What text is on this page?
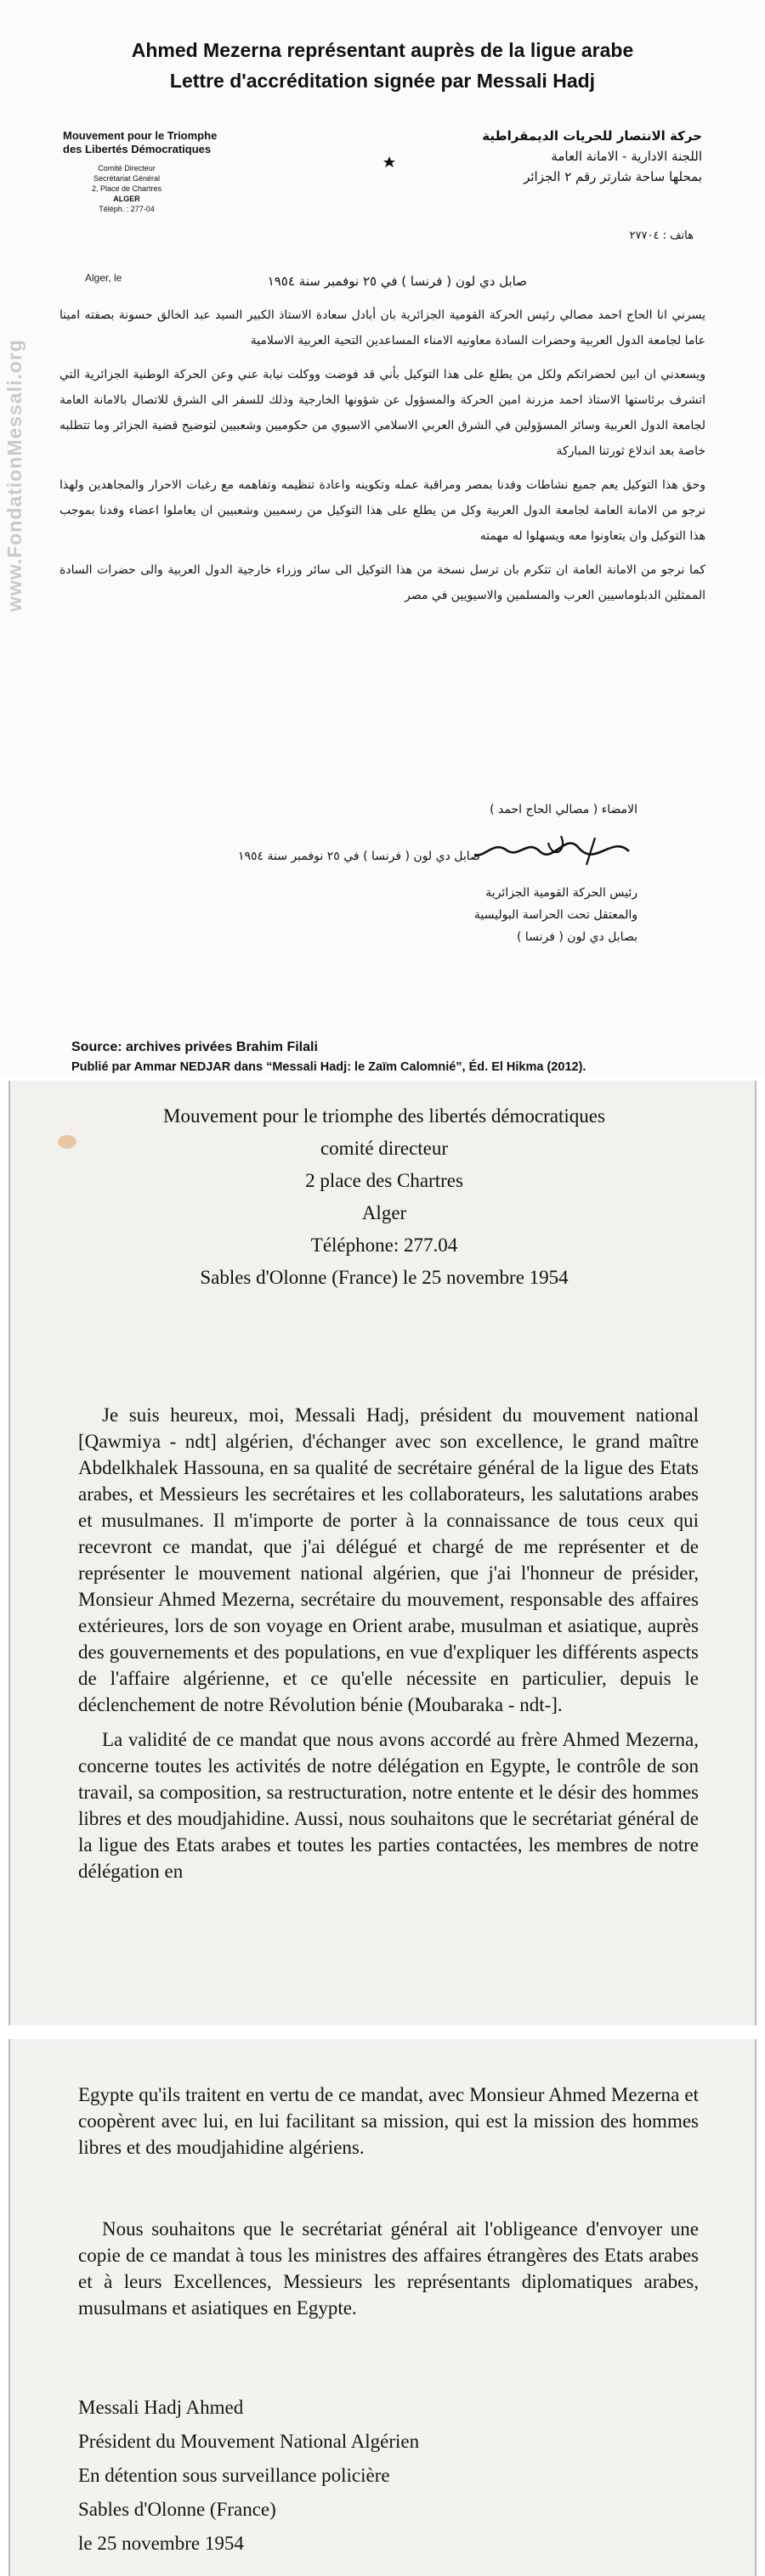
www.FondationMessali.org
Ahmed Mezerna représentant auprès de la ligue arabe
Lettre d'accréditation signée par Messali Hadj
Mouvement pour le Triomphe
des Libertés Démocratiques
Comité Directeur
Secrétariat Général
2, Place de Chartres
ALGER
Téléph. : 277-04
Alger, le
حركة الانتصار للحريات الديمقراطية
اللجنة الادارية - الامانة العامة
بمحلها ساحة شارتر رقم ٢ الجزائر
هاتف : ٢٧٧٠٤
صابل دي لون ( فرنسا ) في ٢٥ نوفمبر سنة ١٩٥٤

يسرني انا الحاج احمد مصالي رئيس الحركة القومية الجزائرية بان أبادل سعادة الاستاذ الكبير السيد عبد الخالق حسونة بصفته امينا عاما لجامعة الدول العربية وحضرات السادة معاونيه الامناء المساعدين التحية العربية الاسلامية

ويسعدني ان ابين لحضراتكم ولكل من يطلع على هذا التوكيل بأني قد فوضت ووكلت نيابة عني وعن الحركة الوطنية الجزائرية التي اتشرف برئاستها الاستاذ احمد مزرنة امين الحركة والمسؤول عن شؤونها الخارجية وذلك للسفر الى الشرق للاتصال بالامانة العامة لجامعة الدول العربية وسائر المسؤولين في الشرق العربي الاسلامي الاسيوي من حكوميين وشعبيين لتوضيح قضية الجزائر وما تتطلبه خاصة بعد اندلاع ثورتنا المباركة

وحق هذا التوكيل يعم جميع نشاطات وفدنا بمصر ومراقبة عمله وتكوينه واعادة تنظيمه وتفاهمه مع رغبات الاحرار والمجاهدين ولهذا نرجو من الامانة العامة لجامعة الدول العربية وكل من يطلع على هذا التوكيل من رسميين وشعبيين ان يعاملوا اعضاء وفدنا بموجب هذا التوكيل وان يتعاونوا معه ويسهلوا له مهمته

كما نرجو من الامانة العامة ان تتكرم بان ترسل نسخة من هذا التوكيل الى سائر وزراء خارجية الدول العربية والى حضرات السادة الممثلين الدبلوماسيين العرب والمسلمين والاسيويين في مصر

صابل دي لون ( فرنسا ) في ٢٥ نوفمبر سنة ١٩٥٤
الامضاء ( مصالي الحاج احمد )
رئيس الحركة القومية الجزائرية
والمعتقل تحت الحراسة البوليسية
بصابل دي لون ( فرنسا )
Source: archives privées Brahim Filali
Publié par Ammar NEDJAR dans “Messali Hadj: le Zaïm Calomnié”, Éd. El Hikma (2012).

Mouvement pour le triomphe des libertés démocratiques

comité directeur

2 place des Chartres

Alger

Téléphone: 277.04

Sables d'Olonne (France) le 25 novembre 1954

Je suis heureux, moi, Messali Hadj, président du mouvement national [Qawmiya - ndt] algérien, d'échanger avec son excellence, le grand maître Abdelkhalek Hassouna, en sa qualité de secrétaire général de la ligue des Etats arabes, et Messieurs les secrétaires et les collaborateurs, les salutations arabes et musulmanes. Il m'importe de porter à la connaissance de tous ceux qui recevront ce mandat, que j'ai délégué et chargé de me représenter et de représenter le mouvement national algérien, que j'ai l'honneur de présider, Monsieur Ahmed Mezerna, secrétaire du mouvement, responsable des affaires extérieures, lors de son voyage en Orient arabe, musulman et asiatique, auprès des gouvernements et des populations, en vue d'expliquer les différents aspects de l'affaire algérienne, et ce qu'elle nécessite en particulier, depuis le déclenchement de notre Révolution bénie (Moubaraka - ndt-].

La validité de ce mandat que nous avons accordé au frère Ahmed Mezerna, concerne toutes les activités de notre délégation en Egypte, le contrôle de son travail, sa composition, sa restructuration, notre entente et le désir des hommes libres et des moudjahidine. Aussi, nous souhaitons que le secrétariat général de la ligue des Etats arabes et toutes les parties contactées, les membres de notre délégation en

Egypte qu'ils traitent en vertu de ce mandat, avec Monsieur Ahmed Mezerna et coopèrent avec lui, en lui facilitant sa mission, qui est la mission des hommes libres et des moudjahidine algériens.

Nous souhaitons que le secrétariat général ait l'obligeance d'envoyer une copie de ce mandat à tous les ministres des affaires étrangères des Etats arabes et à leurs Excellences, Messieurs les représentants diplomatiques arabes, musulmans et asiatiques en Egypte.

Messali Hadj Ahmed
Président du Mouvement National Algérien
En détention sous surveillance policière
Sables d'Olonne (France)
le 25 novembre 1954
